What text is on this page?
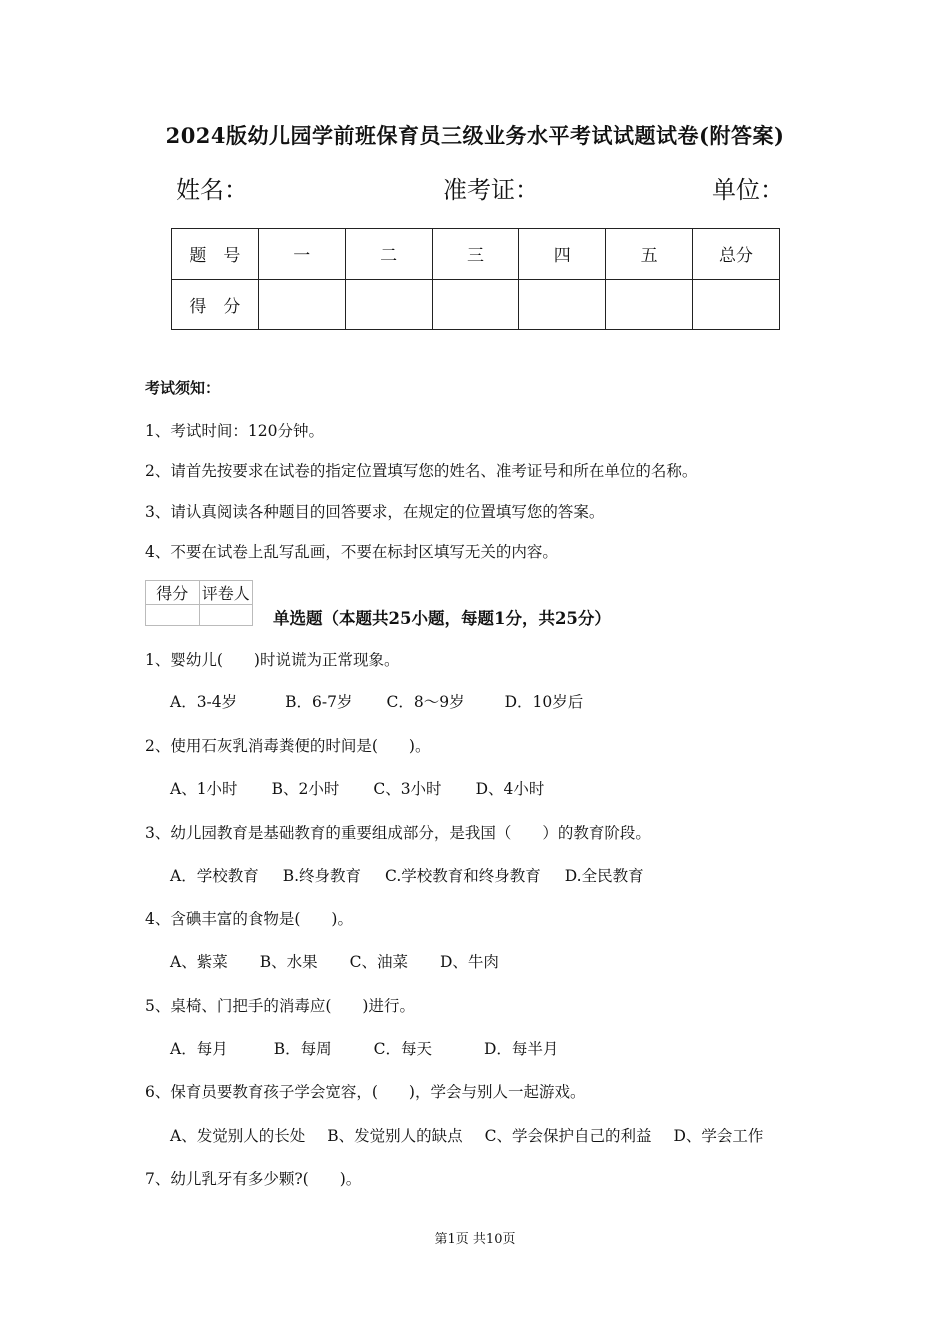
2024版幼儿园学前班保育员三级业务水平考试试题试卷(附答案)
姓名：	准考证：	单位：
题　号	一	二	三	四	五	总分
得　分						
考试须知：
1、考试时间：120分钟。
2、请首先按要求在试卷的指定位置填写您的姓名、准考证号和所在单位的名称。
3、请认真阅读各种题目的回答要求，在规定的位置填写您的答案。
4、不要在试卷上乱写乱画，不要在标封区填写无关的内容。
得分	评卷人

单选题（本题共25小题，每题1分，共25分）
1、婴幼儿(　　)时说谎为正常现象。
A．3-4岁	B．6-7岁 C．8～9岁	D．10岁后
2、使用石灰乳消毒粪便的时间是(　　)。
A、1小时 B、2小时 C、3小时 D、4小时
3、幼儿园教育是基础教育的重要组成部分，是我国（　　）的教育阶段。
A．学校教育 B.终身教育 C.学校教育和终身教育 D.全民教育
4、含碘丰富的食物是(　　)。
A、紫菜 B、水果 C、油菜 D、牛肉
5、桌椅、门把手的消毒应(　　)进行。
A．每月	B．每周	C．每天	D．每半月
6、保育员要教育孩子学会宽容，(　　)，学会与别人一起游戏。
A、发觉别人的长处 B、发觉别人的缺点 C、学会保护自己的利益 D、学会工作
7、幼儿乳牙有多少颗?(　　)。
第1页 共10页
